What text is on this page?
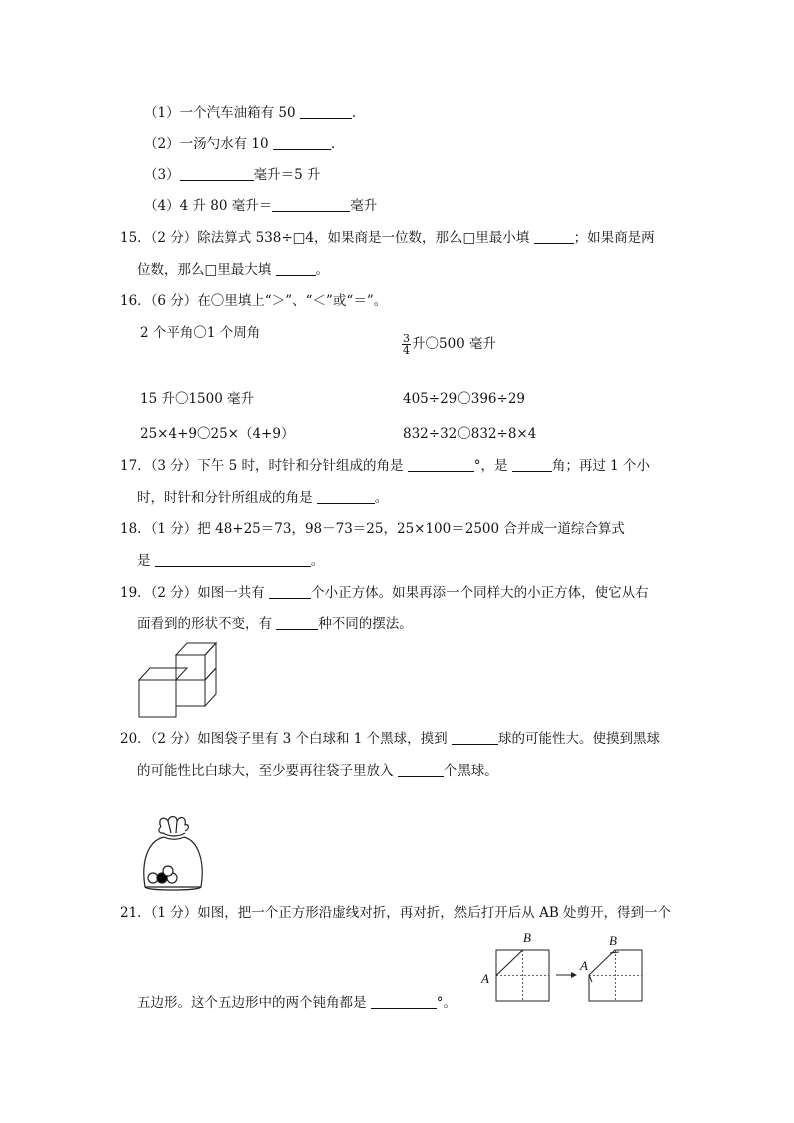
（1）一个汽车油箱有 50	.
（2）一汤勺水有 10	.
（3）	毫升＝5 升
（4）4 升 80 毫升＝	毫升
15．（2 分）除法算式 538÷□4，如果商是一位数，那么□里最小填	；如果商是两
位数，那么□里最大填	。
16．（6 分）在〇里填上“＞”、“＜”或“＝”。
2 个平角〇1 个周角	$\frac{3}{4}$ 升〇500 毫升
15 升〇1500 毫升	405÷29〇396÷29
25×4+9〇25×（4+9）	832÷32〇832÷8×4
17．（3 分）下午 5 时，时针和分针组成的角是	°，是	角；再过 1 个小
时，时针和分针所组成的角是	。
18．（1 分）把 48+25＝73，98－73＝25，25×100＝2500 合并成一道综合算式
是	。
19．（2 分）如图一共有	个小正方体。如果再添一个同样大的小正方体，使它从右
面看到的形状不变，有	种不同的摆法。
20．（2 分）如图袋子里有 3 个白球和 1 个黑球，摸到	球的可能性大。使摸到黑球
的可能性比白球大，至少要再往袋子里放入	个黑球。
21．（1 分）如图，把一个正方形沿虚线对折，再对折，然后打开后从 AB 处剪开，得到一个
五边形。这个五边形中的两个钝角都是	°。
B
A
B
A
